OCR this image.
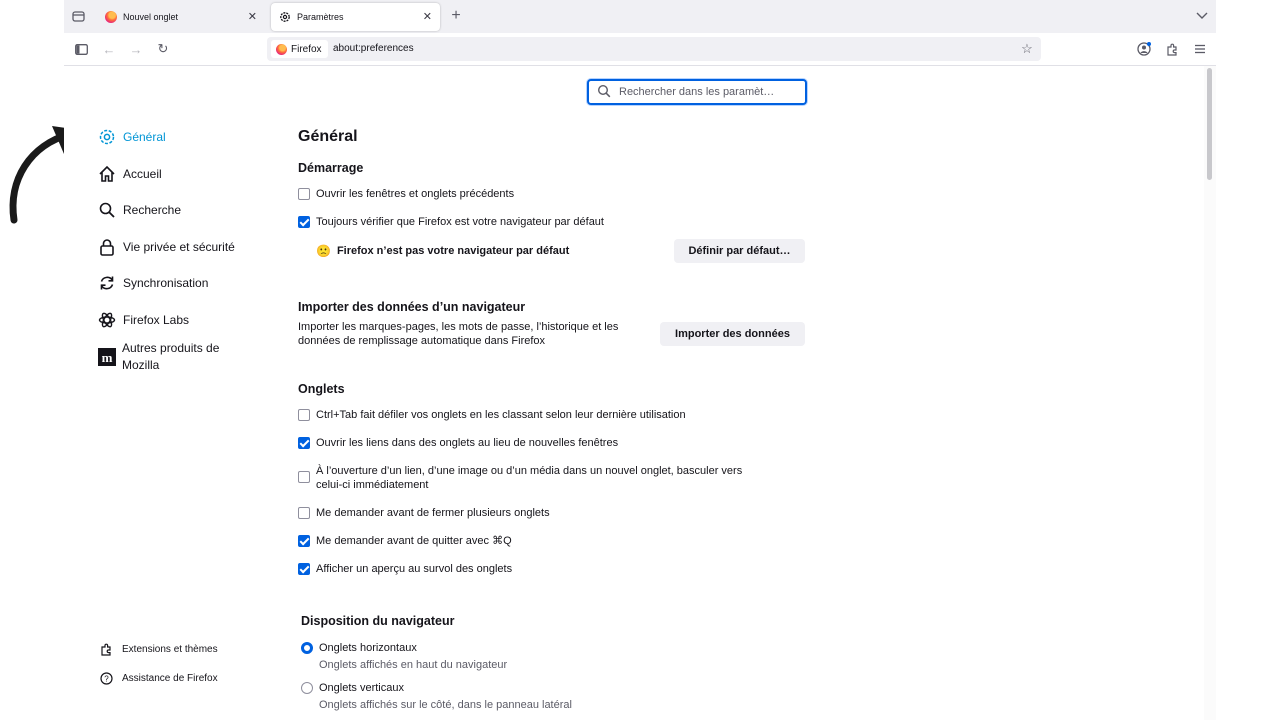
Nouvel onglet	✕	Paramètres	✕ +
← → ↻	Firefox about:preferences	☆
Rechercher dans les paramèt…
Général
Accueil
Recherche
Vie privée et sécurité
Synchronisation
Firefox Labs
m
Autres produits de Mozilla
Extensions et thèmes
? Assistance de Firefox
Général
Démarrage
Ouvrir les fenêtres et onglets précédents
Toujours vérifier que Firefox est votre navigateur par défaut
🙁 Firefox n’est pas votre navigateur par défaut	Définir par défaut…
Importer des données d’un navigateur
Importer les marques-pages, les mots de passe, l’historique et les
données de remplissage automatique dans Firefox
Importer des données
Onglets
Ctrl+Tab fait défiler vos onglets en les classant selon leur dernière utilisation
Ouvrir les liens dans des onglets au lieu de nouvelles fenêtres
À l’ouverture d’un lien, d’une image ou d’un média dans un nouvel onglet, basculer vers
celui-ci immédiatement
Me demander avant de fermer plusieurs onglets
Me demander avant de quitter avec ⌘Q
Afficher un aperçu au survol des onglets
Disposition du navigateur
Onglets horizontaux
Onglets affichés en haut du navigateur
Onglets verticaux
Onglets affichés sur le côté, dans le panneau latéral
